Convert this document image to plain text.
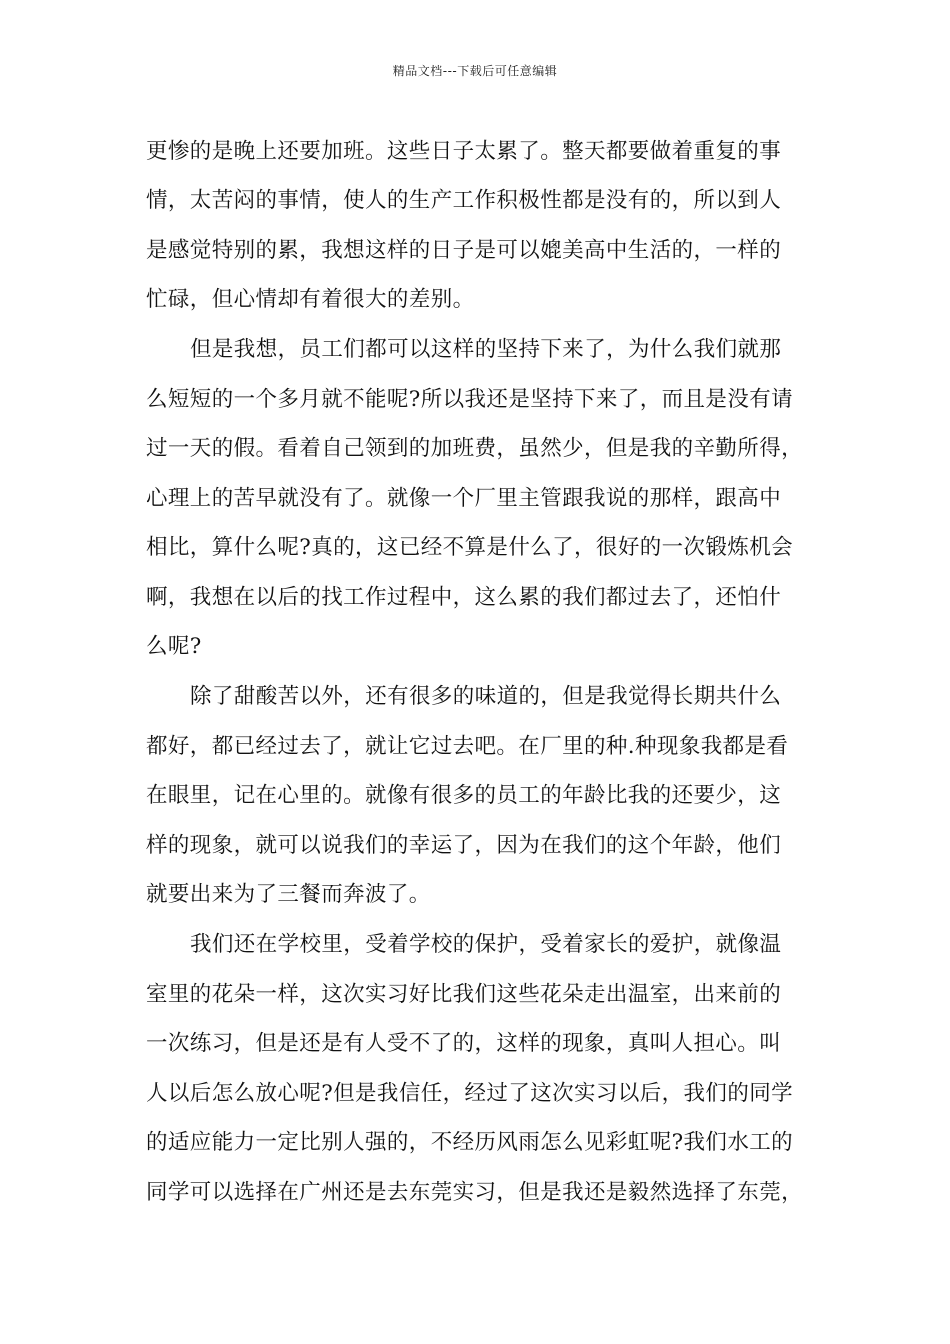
精品文档---下载后可任意编辑
更惨的是晚上还要加班。这些日子太累了。整天都要做着重复的事
情，太苦闷的事情，使人的生产工作积极性都是没有的，所以到人
是感觉特别的累，我想这样的日子是可以媲美高中生活的，一样的
忙碌，但心情却有着很大的差别。
但是我想，员工们都可以这样的坚持下来了，为什么我们就那
么短短的一个多月就不能呢?所以我还是坚持下来了，而且是没有请
过一天的假。看着自己领到的加班费，虽然少，但是我的辛勤所得，
心理上的苦早就没有了。就像一个厂里主管跟我说的那样，跟高中
相比，算什么呢?真的，这已经不算是什么了，很好的一次锻炼机会
啊，我想在以后的找工作过程中，这么累的我们都过去了，还怕什
么呢?
除了甜酸苦以外，还有很多的味道的，但是我觉得长期共什么
都好，都已经过去了，就让它过去吧。在厂里的种.种现象我都是看
在眼里，记在心里的。就像有很多的员工的年龄比我的还要少，这
样的现象，就可以说我们的幸运了，因为在我们的这个年龄，他们
就要出来为了三餐而奔波了。
我们还在学校里，受着学校的保护，受着家长的爱护，就像温
室里的花朵一样，这次实习好比我们这些花朵走出温室，出来前的
一次练习，但是还是有人受不了的，这样的现象，真叫人担心。叫
人以后怎么放心呢?但是我信任，经过了这次实习以后，我们的同学
的适应能力一定比别人强的，不经历风雨怎么见彩虹呢?我们水工的
同学可以选择在广州还是去东莞实习，但是我还是毅然选择了东莞，
